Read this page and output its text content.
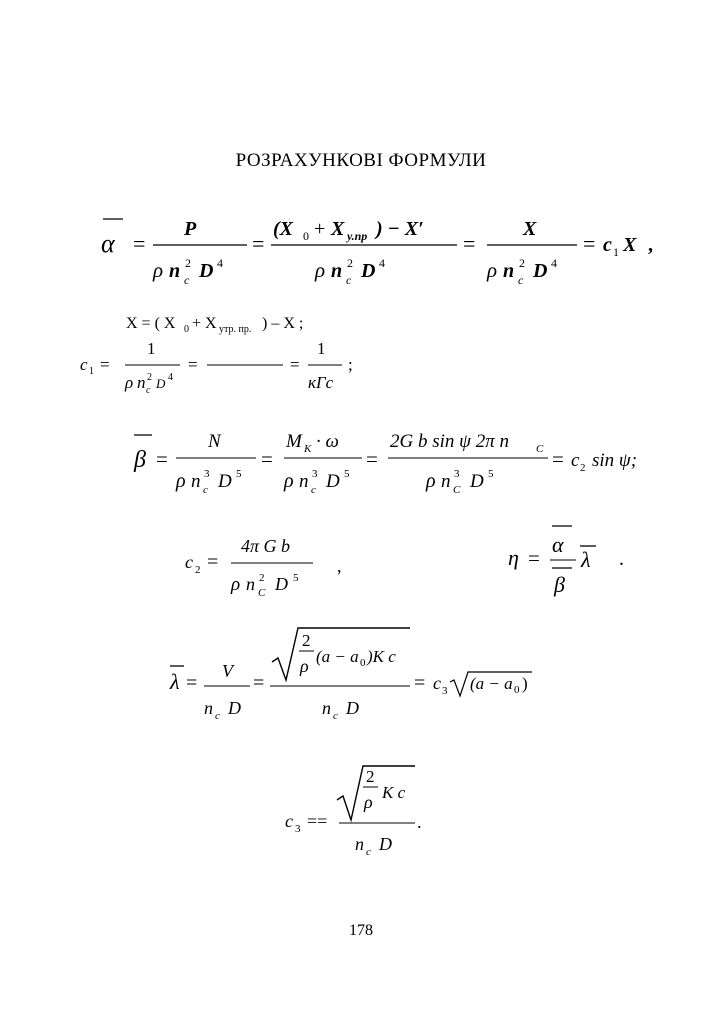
РОЗРАХУНКОВІ ФОРМУЛИ
α =
P
ρ n 2
c D 4
=
(X 0 + X у.пр ) − X′
ρ n 2
c D 4
=
X
ρ n 2
c D 4
= c 1 X ,
X = ( X 0 + X утр. пр. ) – X ;
c 1 =
1
ρ n 2
c D 4
=	=
1
кГс
;
β =
N
ρ n 3
c D 5
=
M K · ω
ρ n 3
c D 5
=
2G b sin ψ 2π n C
ρ n 3
C D 5
= c 2 sin ψ;
c 2 =
4π G b
ρ n 2
C D 5
,	η =
α
β
λ .
λ =
V
n c D
=
2
ρ (a − a 0 )K c
n c D
= c 3 (a − a 0 )
c 3 ==
2
ρ K c
n c D
.
178
